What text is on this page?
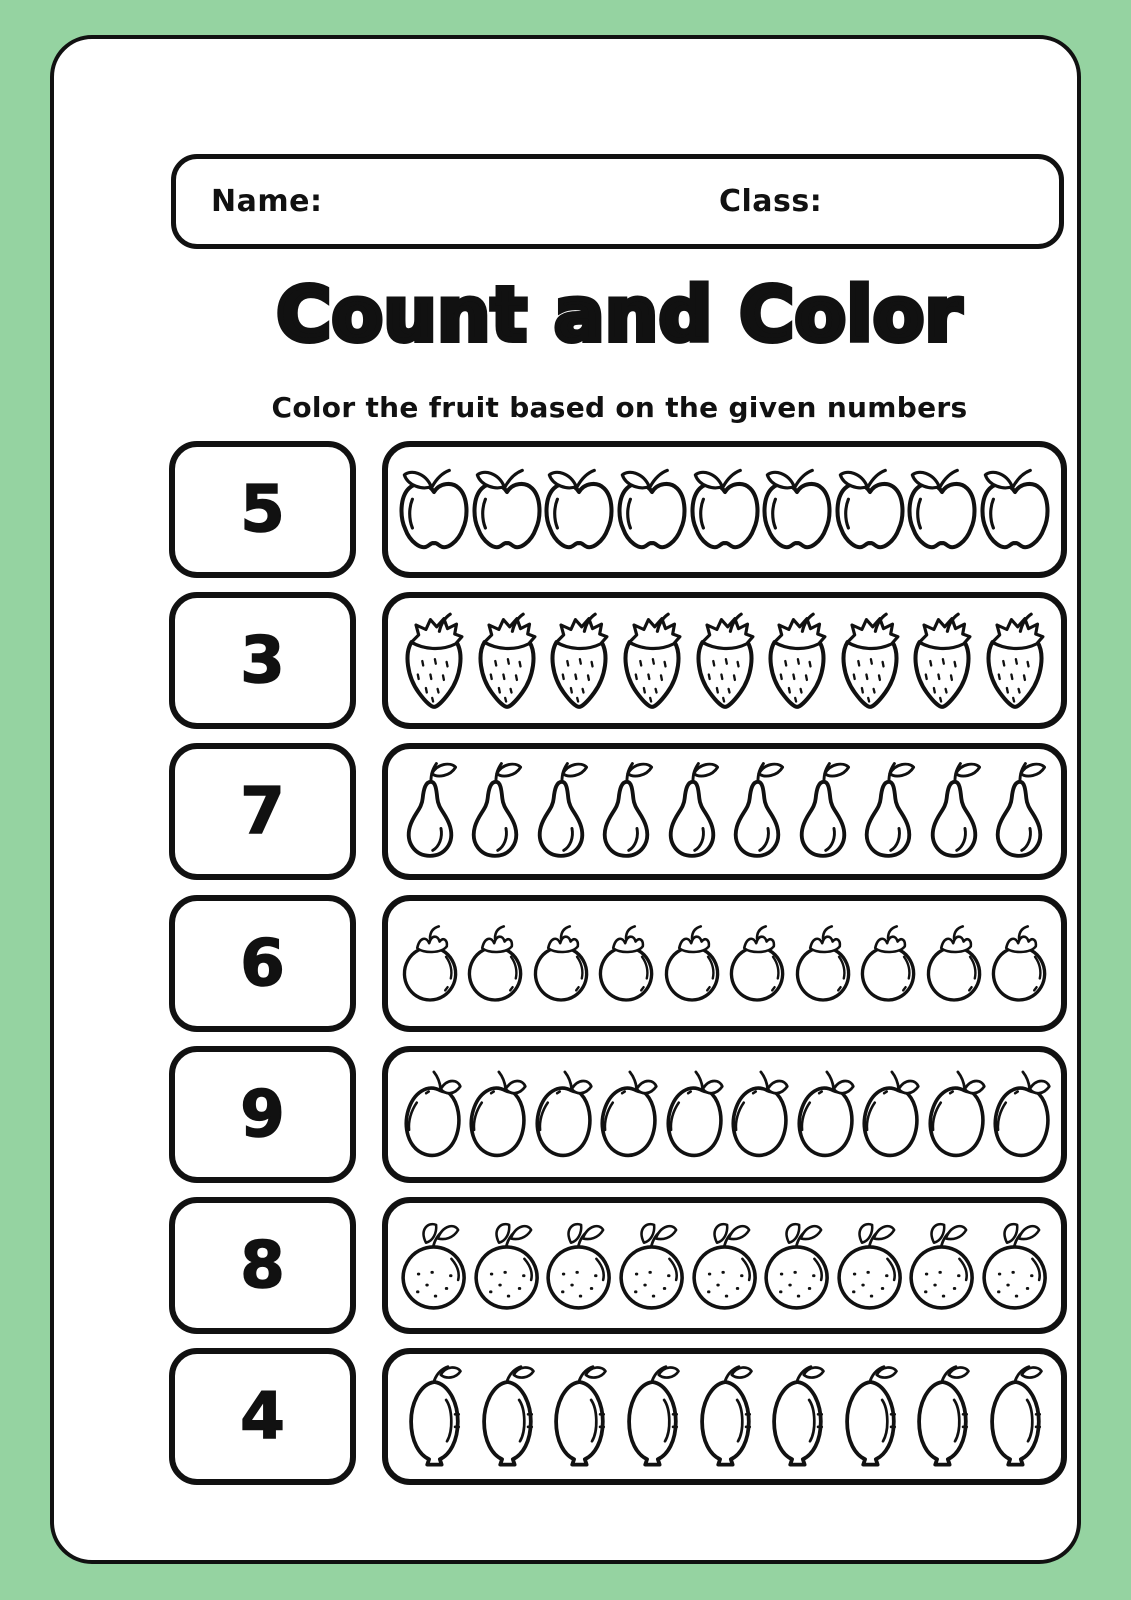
Name:	Class:
Count and Color
Color the fruit based on the given numbers
5
3
7
6
9
8
4
